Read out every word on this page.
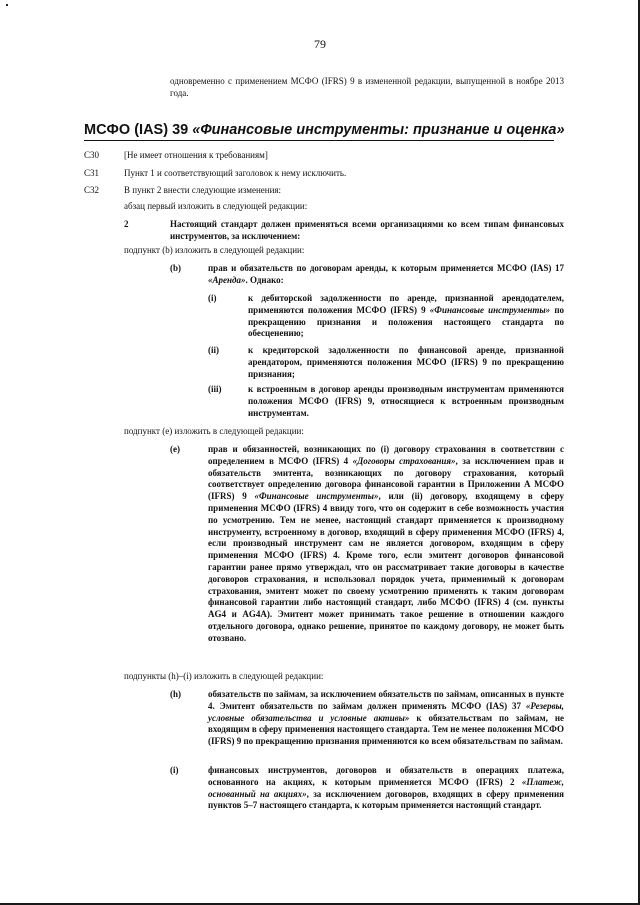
79
одновременно с применением МСФО (IFRS) 9 в измененной редакции, выпущенной в ноябре 2013 года.
МСФО (IAS) 39 «Финансовые инструменты: признание и оценка»
C30	[Не имеет отношения к требованиям]
C31	Пункт 1 и соответствующий заголовок к нему исключить.
C32	В пункт 2 внести следующие изменения:
абзац первый изложить в следующей редакции:
2	Настоящий стандарт должен применяться всеми организациями ко всем типам финансовых инструментов, за исключением:
подпункт (b) изложить в следующей редакции:
(b)	прав и обязательств по договорам аренды, к которым применяется МСФО (IAS) 17 «Аренда». Однако:
(i)	к дебиторской задолженности по аренде, признанной арендодателем, применяются положения МСФО (IFRS) 9 «Финансовые инструменты» по прекращению признания и положения настоящего стандарта по обесценению;
(ii)	к кредиторской задолженности по финансовой аренде, признанной арендатором, применяются положения МСФО (IFRS) 9 по прекращению признания;
(iii)	к встроенным в договор аренды производным инструментам применяются положения МСФО (IFRS) 9, относящиеся к встроенным производным инструментам.
подпункт (е) изложить в следующей редакции:
(e)	прав и обязанностей, возникающих по (i) договору страхования в соответствии с определением в МСФО (IFRS) 4 «Договоры страхования», за исключением прав и обязательств эмитента, возникающих по договору страхования, который соответствует определению договора финансовой гарантии в Приложении А МСФО (IFRS) 9 «Финансовые инструменты», или (ii) договору, входящему в сферу применения МСФО (IFRS) 4 ввиду того, что он содержит в себе возможность участия по усмотрению. Тем не менее, настоящий стандарт применяется к производному инструменту, встроенному в договор, входящий в сферу применения МСФО (IFRS) 4, если производный инструмент сам не является договором, входящим в сферу применения МСФО (IFRS) 4. Кроме того, если эмитент договоров финансовой гарантии ранее прямо утверждал, что он рассматривает такие договоры в качестве договоров страхования, и использовал порядок учета, применимый к договорам страхования, эмитент может по своему усмотрению применять к таким договорам финансовой гарантии либо настоящий стандарт, либо МСФО (IFRS) 4 (см. пункты AG4 и AG4A). Эмитент может принимать такое решение в отношении каждого отдельного договора, однако решение, принятое по каждому договору, не может быть отозвано.
подпункты (h)–(i) изложить в следующей редакции:
(h)	обязательств по займам, за исключением обязательств по займам, описанных в пункте 4. Эмитент обязательств по займам должен применять МСФО (IAS) 37 «Резервы, условные обязательства и условные активы» к обязательствам по займам, не входящим в сферу применения настоящего стандарта. Тем не менее положения МСФО (IFRS) 9 по прекращению признания применяются ко всем обязательствам по займам.
(i)	финансовых инструментов, договоров и обязательств в операциях платежа, основанного на акциях, к которым применяется МСФО (IFRS) 2 «Платеж, основанный на акциях», за исключением договоров, входящих в сферу применения пунктов 5–7 настоящего стандарта, к которым применяется настоящий стандарт.
